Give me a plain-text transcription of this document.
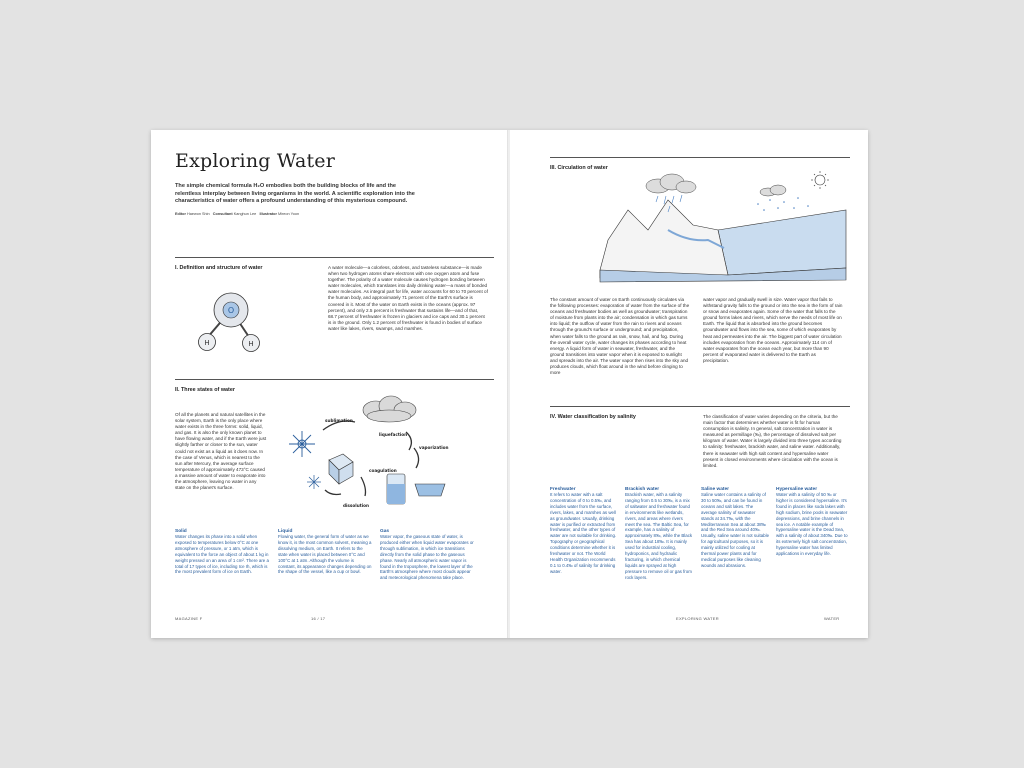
Exploring Water
The simple chemical formula H₂O embodies both the building blocks of life and the relentless interplay between living organisms in the world. A scientific exploration into the characteristics of water offers a profound understanding of this mysterious compound.
Editor Haewon Shin Consultant Kanghun Lee Illustrator Mireon Yoon
I. Definition and structure of water	A water molecule—a colorless, odorless, and tasteless substance—is made when two hydrogen atoms share electrons with one oxygen atom and fuse together. The polarity of a water molecule causes hydrogen bonding between water molecules, which translates into daily drinking water—a mass of bonded water molecules. As integral part for life, water accounts for 60 to 70 percent of the human body, and approximately 71 percent of the Earth's surface is covered in it. Most of the water on Earth exists in the oceans (approx. 97 percent), and only 2.5 percent is freshwater that sustains life—and of that, 68.7 percent of freshwater is frozen in glaciers and ice caps and 30.1 percent is in the ground. Only 1.2 percent of freshwater is found in bodies of surface water like lakes, rivers, swamps, and marshes.
O
H	H
II. Three states of water
Of all the planets and natural satellites in the solar system, Earth is the only place where water exists in the three forms: solid, liquid, and gas. It is also the only known planet to have flowing water, and if the Earth were just slightly farther or closer to the sun, water could not exist as a liquid as it does now. In the case of Venus, which is nearest to the sun after Mercury, the average surface temperature of approximately 473°C caused a massive amount of water to evaporate into the atmosphere, leaving no water in any state on the planet's surface.
sublimation
liquefaction
vaporization
coagulation
dissolution
Solid
Water changes its phase into a solid when exposed to temperatures below 0°C at one atmosphere of pressure, or 1 atm, which is equivalent to the force an object of about 1 kg in weight pressed on an area of 1 cm². There are a total of 17 types of ice, including Ice Ih, which is the most prevalent form of ice on Earth.
Liquid
Flowing water, the general form of water as we know it, is the most common solvent, meaning a dissolving medium, on Earth. It refers to the state when water is placed between 0°C and 100°C at 1 atm. Although the volume is constant, its appearance changes depending on the shape of the vessel, like a cup or bowl.
Gas
Water vapor, the gaseous state of water, is produced either when liquid water evaporates or through sublimation, in which ice transitions directly from the solid phase to the gaseous phase. Nearly all atmospheric water vapor is found in the troposphere, the lowest layer of the Earth's atmosphere where most clouds appear and meteorological phenomena take place.
MAGAZINE F	16 / 17
III. Circulation of water
The constant amount of water on Earth continuously circulates via the following processes: evaporation of water from the surface of the oceans and freshwater bodies as well as groundwater; transpiration of moisture from plants into the air; condensation in which gas turns into liquid; the outflow of water from the rain to rivers and oceans through the ground's surface or underground; and precipitation, when water falls to the ground as rain, snow, hail, and fog. During the overall water cycle, water changes its phases according to heat energy. A liquid form of water in seawater, freshwater, and the ground transitions into water vapor when it is exposed to sunlight and spreads into the air. The water vapor then rises into the sky and produces clouds, which float around in the wind before clinging to more
water vapor and gradually swell in size. Water vapor that fails to withstand gravity falls to the ground or into the sea in the form of rain or snow and evaporates again. Some of the water that falls to the ground forms lakes and rivers, which serve the needs of most life on Earth. The liquid that is absorbed into the ground becomes groundwater and flows into the sea, some of which evaporates by heat and permeates into the air. The biggest part of water circulation includes evaporation from the oceans. Approximately 114 cm of water evaporates from the ocean each year, but more than 90 percent of evaporated water is delivered to the Earth as precipitation.
IV. Water classification by salinity	The classification of water varies depending on the criteria, but the main factor that determines whether water is fit for human consumption is salinity. In general, salt concentration in water is measured as permillage (‰), the percentage of dissolved salt per kilogram of water. Water is largely divided into three types according to salinity: freshwater, brackish water, and saline water. Additionally, there is seawater with high salt content and hypersaline water present in closed environments where circulation with the ocean is limited.
Freshwater
It refers to water with a salt concentration of 0 to 0.5‰, and includes water from the surface, rivers, lakes, and marshes as well as groundwater. Usually, drinking water is purified or extracted from freshwater, and the other types of water are not suitable for drinking. Topography or geographical conditions determine whether it is freshwater or not. The World Health Organization recommends 0.1 to 0.4‰ of salinity for drinking water.
Brackish water
Brackish water, with a salinity ranging from 0.5 to 30‰, is a mix of saltwater and freshwater found in environments like wetlands, rivers, and areas where rivers meet the sea. The Baltic Sea, for example, has a salinity of approximately 8‰, while the Black Sea has about 18‰. It is mainly used for industrial cooling, hydroponics, and hydraulic fracturing, in which chemical liquids are sprayed at high pressure to remove oil or gas from rock layers.
Saline water
Saline water contains a salinity of 30 to 50‰, and can be found in oceans and salt lakes. The average salinity of seawater stands at 34.7‰, with the Mediterranean Sea at about 38‰ and the Red Sea around 40‰. Usually, saline water is not suitable for agricultural purposes, so it is mainly utilized for cooling at thermal power plants and for medical purposes like cleaning wounds and abrasions.
Hypersaline water
Water with a salinity of 50 ‰ or higher is considered hypersaline. It's found in places like soda lakes with high sodium, brine pools in seawater depressions, and brine channels in sea ice. A notable example of hypersaline water is the Dead Sea, with a salinity of about 340‰. Due to its extremely high salt concentration, hypersaline water has limited applications in everyday life.
EXPLORING WATER	WATER
